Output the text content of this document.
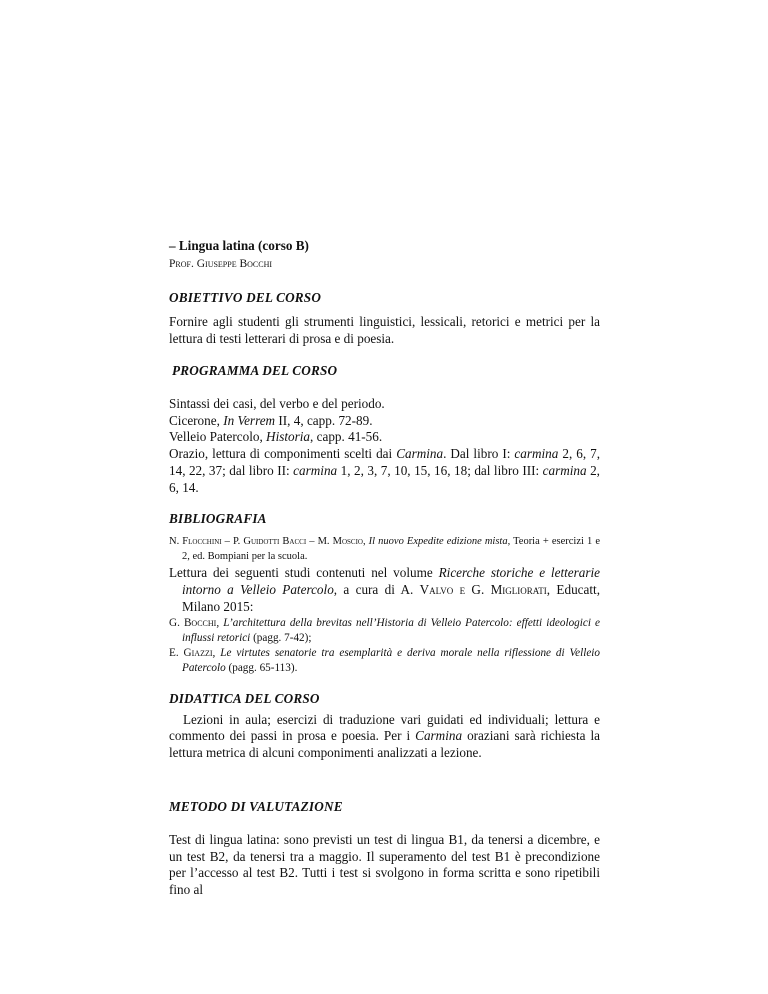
– Lingua latina (corso B)

Prof. Giuseppe Bocchi

OBIETTIVO DEL CORSO

Fornire agli studenti gli strumenti linguistici, lessicali, retorici e metrici per la lettura di testi letterari di prosa e di poesia.

PROGRAMMA DEL CORSO

Sintassi dei casi, del verbo e del periodo.

Cicerone, In Verrem II, 4, capp. 72-89.

Velleio Patercolo, Historia, capp. 41-56.

Orazio, lettura di componimenti scelti dai Carmina. Dal libro I: carmina 2, 6, 7, 14, 22, 37; dal libro II: carmina 1, 2, 3, 7, 10, 15, 16, 18; dal libro III: carmina 2, 6, 14.

BIBLIOGRAFIA

N. Flocchini – P. Guidotti Bacci – M. Moscio, Il nuovo Expedite edizione mista, Teoria + esercizi 1 e 2, ed. Bompiani per la scuola.

Lettura dei seguenti studi contenuti nel volume Ricerche storiche e letterarie intorno a Velleio Patercolo, a cura di A. Valvo e G. Migliorati, Educatt, Milano 2015:

G. Bocchi, L’architettura della brevitas nell’Historia di Velleio Patercolo: effetti ideologici e influssi retorici (pagg. 7-42);

E. Giazzi, Le virtutes senatorie tra esemplarità e deriva morale nella riflessione di Velleio Patercolo (pagg. 65-113).

DIDATTICA DEL CORSO

Lezioni in aula; esercizi di traduzione vari guidati ed individuali; lettura e commento dei passi in prosa e poesia. Per i Carmina oraziani sarà richiesta la lettura metrica di alcuni componimenti analizzati a lezione.

METODO DI VALUTAZIONE

Test di lingua latina: sono previsti un test di lingua B1, da tenersi a dicembre, e un test B2, da tenersi tra a maggio. Il superamento del test B1 è precondizione per l’accesso al test B2. Tutti i test si svolgono in forma scritta e sono ripetibili fino al
